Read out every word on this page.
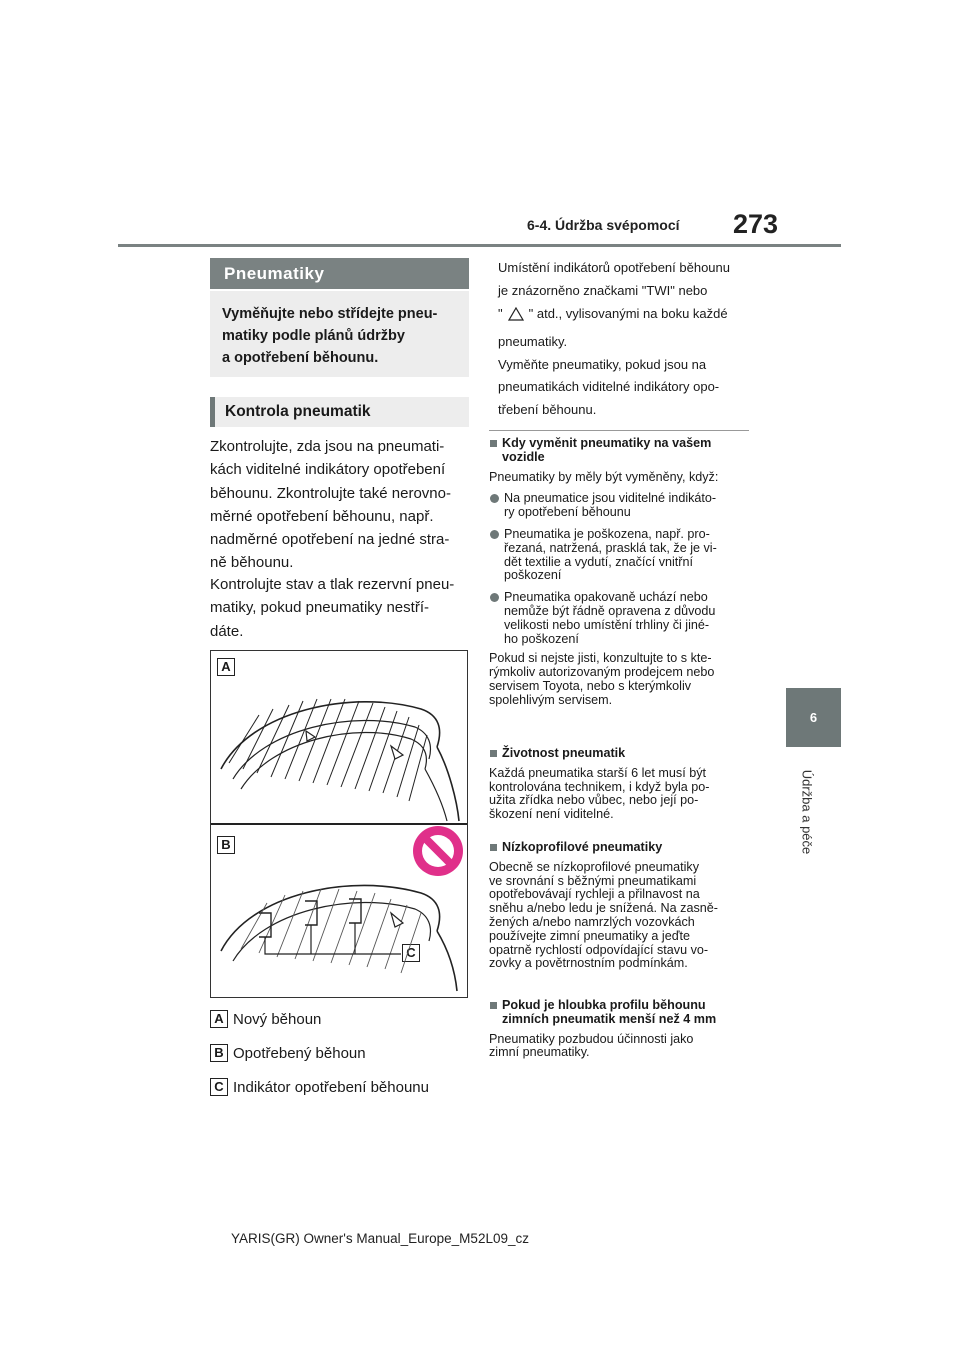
6-4. Údržba svépomocí 273
6
Údržba a péče
Pneumatiky
Vyměňujte nebo střídejte pneu-
matiky podle plánů údržby
a opotřebení běhounu.
Kontrola pneumatik
Zkontrolujte, zda jsou na pneumati-
kách viditelné indikátory opotřebení
běhounu. Zkontrolujte také nerovno-
měrné opotřebení běhounu, např.
nadměrné opotřebení na jedné stra-
ně běhounu.
Kontrolujte stav a tlak rezervní pneu-
matiky, pokud pneumatiky nestří-
dáte.
A
B
C
A Nový běhoun
B Opotřebený běhoun
C Indikátor opotřebení běhounu
Umístění indikátorů opotřebení běhounu
je znázorněno značkami "TWI" nebo
" " atd., vylisovanými na boku každé
pneumatiky.
Vyměňte pneumatiky, pokud jsou na
pneumatikách viditelné indikátory opo-
třebení běhounu.
Kdy vyměnit pneumatiky na vašem
vozidle
Pneumatiky by měly být vyměněny, když:
Na pneumatice jsou viditelné indikáto-
ry opotřebení běhounu
Pneumatika je poškozena, např. pro-
řezaná, natržená, prasklá tak, že je vi-
dět textilie a vydutí, značící vnitřní
poškození
Pneumatika opakovaně uchází nebo
nemůže být řádně opravena z důvodu
velikosti nebo umístění trhliny či jiné-
ho poškození
Pokud si nejste jisti, konzultujte to s kte-
rýmkoliv autorizovaným prodejcem nebo
servisem Toyota, nebo s kterýmkoliv
spolehlivým servisem.
Životnost pneumatik
Každá pneumatika starší 6 let musí být
kontrolována technikem, i když byla po-
užita zřídka nebo vůbec, nebo její po-
škození není viditelné.
Nízkoprofilové pneumatiky
Obecně se nízkoprofilové pneumatiky
ve srovnání s běžnými pneumatikami
opotřebovávají rychleji a přilnavost na
sněhu a/nebo ledu je snížená. Na zasně-
žených a/nebo namrzlých vozovkách
používejte zimní pneumatiky a jeďte
opatrně rychlostí odpovídající stavu vo-
zovky a povětrnostním podmínkám.
Pokud je hloubka profilu běhounu
zimních pneumatik menší než 4 mm
Pneumatiky pozbudou účinnosti jako
zimní pneumatiky.
YARIS(GR) Owner's Manual_Europe_M52L09_cz
